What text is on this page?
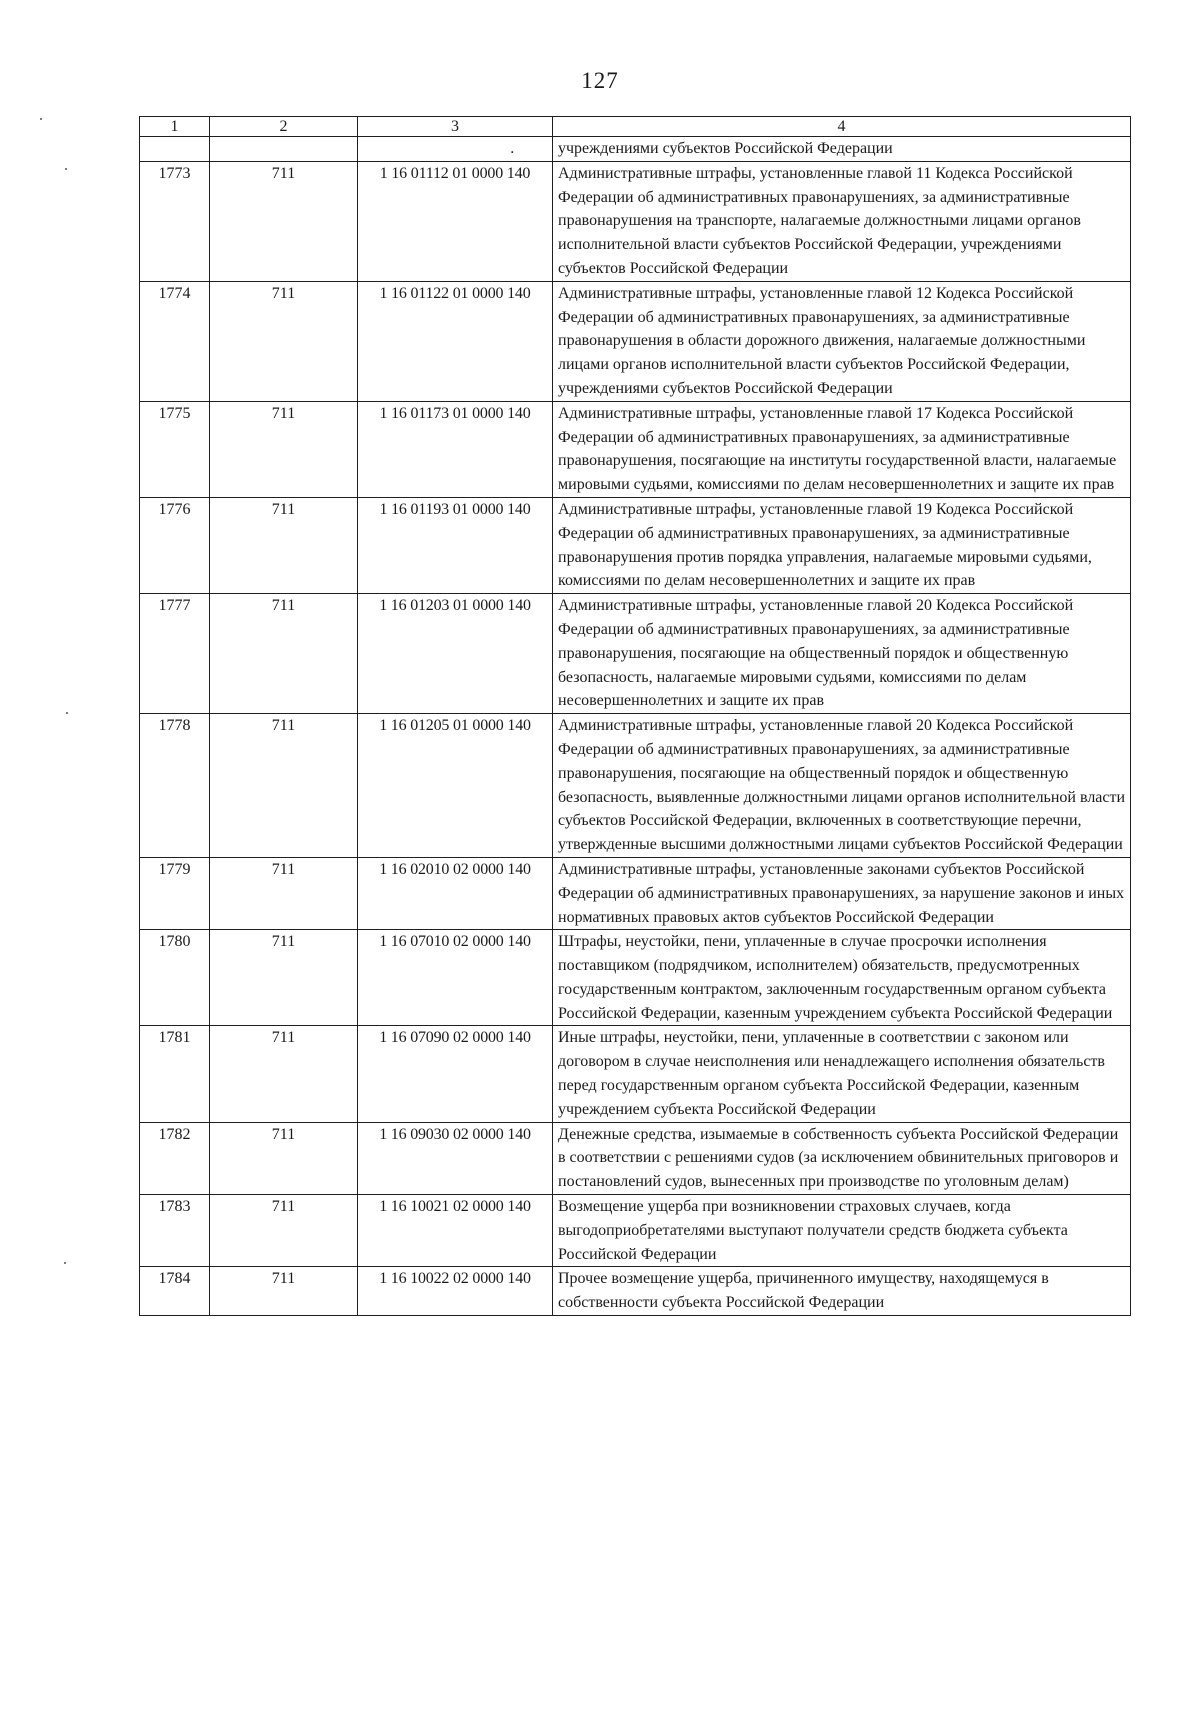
127
1	2	3	4
		.	учреждениями субъектов Российской Федерации
1773	711	1 16 01112 01 0000 140	Административные штрафы, установленные главой 11 Кодекса Российской Федерации об административных правонарушениях, за административные правонарушения на транспорте, налагаемые должностными лицами органов исполнительной власти субъектов Российской Федерации, учреждениями субъектов Российской Федерации
1774	711	1 16 01122 01 0000 140	Административные штрафы, установленные главой 12 Кодекса Российской Федерации об административных правонарушениях, за административные правонарушения в области дорожного движения, налагаемые должностными лицами органов исполнительной власти субъектов Российской Федерации, учреждениями субъектов Российской Федерации
1775	711	1 16 01173 01 0000 140	Административные штрафы, установленные главой 17 Кодекса Российской Федерации об административных правонарушениях, за административные правонарушения, посягающие на институты государственной власти, налагаемые мировыми судьями, комиссиями по делам несовершеннолетних и защите их прав
1776	711	1 16 01193 01 0000 140	Административные штрафы, установленные главой 19 Кодекса Российской Федерации об административных правонарушениях, за административные правонарушения против порядка управления, налагаемые мировыми судьями, комиссиями по делам несовершеннолетних и защите их прав
1777	711	1 16 01203 01 0000 140	Административные штрафы, установленные главой 20 Кодекса Российской Федерации об административных правонарушениях, за административные правонарушения, посягающие на общественный порядок и общественную безопасность, налагаемые мировыми судьями, комиссиями по делам несовершеннолетних и защите их прав
1778	711	1 16 01205 01 0000 140	Административные штрафы, установленные главой 20 Кодекса Российской Федерации об административных правонарушениях, за административные правонарушения, посягающие на общественный порядок и общественную безопасность, выявленные должностными лицами органов исполнительной власти субъектов Российской Федерации, включенных в соответствующие перечни, утвержденные высшими должностными лицами субъектов Российской Федерации
1779	711	1 16 02010 02 0000 140	Административные штрафы, установленные законами субъектов Российской Федерации об административных правонарушениях, за нарушение законов и иных нормативных правовых актов субъектов Российской Федерации
1780	711	1 16 07010 02 0000 140	Штрафы, неустойки, пени, уплаченные в случае просрочки исполнения поставщиком (подрядчиком, исполнителем) обязательств, предусмотренных государственным контрактом, заключенным государственным органом субъекта Российской Федерации, казенным учреждением субъекта Российской Федерации
1781	711	1 16 07090 02 0000 140	Иные штрафы, неустойки, пени, уплаченные в соответствии с законом или договором в случае неисполнения или ненадлежащего исполнения обязательств перед государственным органом субъекта Российской Федерации, казенным учреждением субъекта Российской Федерации
1782	711	1 16 09030 02 0000 140	Денежные средства, изымаемые в собственность субъекта Российской Федерации в соответствии с решениями судов (за исключением обвинительных приговоров и постановлений судов, вынесенных при производстве по уголовным делам)
1783	711	1 16 10021 02 0000 140	Возмещение ущерба при возникновении страховых случаев, когда выгодоприобретателями выступают получатели средств бюджета субъекта Российской Федерации
1784	711	1 16 10022 02 0000 140	Прочее возмещение ущерба, причиненного имуществу, находящемуся в собственности субъекта Российской Федерации
